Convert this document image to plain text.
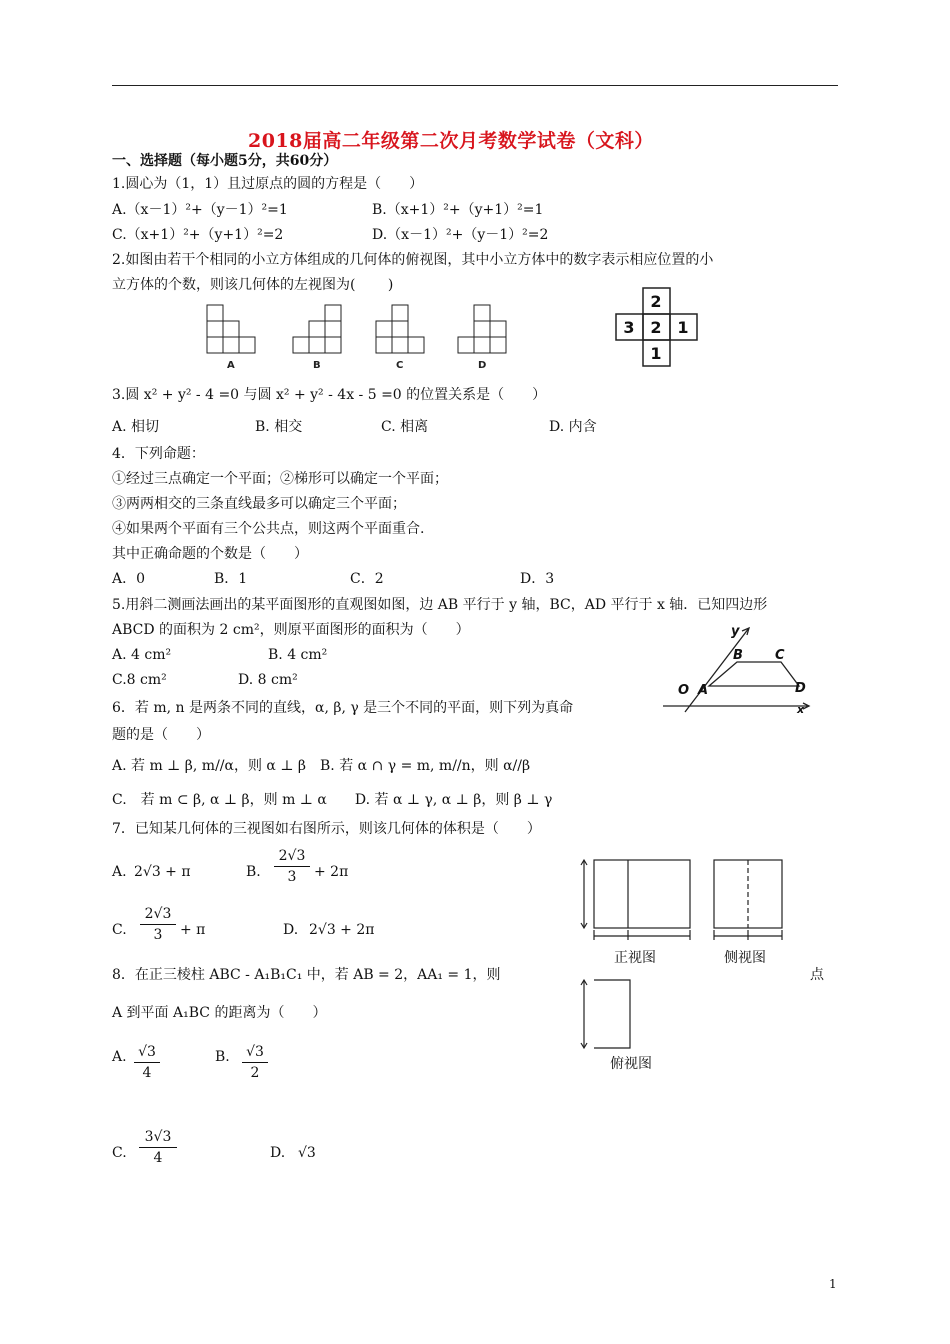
2018届高二年级第二次月考数学试卷（文科）
一、选择题（每小题5分，共60分）
1.圆心为（1，1）且过原点的圆的方程是（　　）
A.（x－1）²+（y－1）²=1	B.（x+1）²+（y+1）²=1
C.（x+1）²+（y+1）²=2	D.（x－1）²+（y－1）²=2
2.如图由若干个相同的小立方体组成的几何体的俯视图，其中小立方体中的数字表示相应位置的小
立方体的个数，则该几何体的左视图为(　　 )
A	B	C	D
2
3 2 1
1
3.圆 x² + y² - 4 =0 与圆 x² + y² - 4x - 5 =0 的位置关系是（　　）
A. 相切	B. 相交	C. 相离	D. 内含
4．下列命题：
①经过三点确定一个平面；②梯形可以确定一个平面；
③两两相交的三条直线最多可以确定三个平面；
④如果两个平面有三个公共点，则这两个平面重合.
其中正确命题的个数是（　　）
A．0	B．1	C．2	D．3
5.用斜二测画法画出的某平面图形的直观图如图，边 AB 平行于 y 轴，BC，AD 平行于 x 轴．已知四边形
ABCD 的面积为 2 cm²，则原平面图形的面积为（　　）
A. 4 cm²	B. 4 cm²
C.8 cm²	D. 8 cm²
y
B C
O A	D
x
6．若 m, n 是两条不同的直线，α, β, γ 是三个不同的平面，则下列为真命
题的是（　　）
A. 若 m ⊥ β, m//α，则 α ⊥ β　B. 若 α ∩ γ = m, m//n，则 α//β
C.　若 m ⊂ β, α ⊥ β，则 m ⊥ α　　D. 若 α ⊥ γ, α ⊥ β，则 β ⊥ γ
7．已知某几何体的三视图如右图所示，则该几何体的体积是（　　）
A. 2√3 + π	B.
2√3
3	+ 2π
C.
2√3
3	+ π	D. 2√3 + 2π
正视图	侧视图
俯视图
8．在正三棱柱 ABC - A₁B₁C₁ 中，若 AB = 2，AA₁ = 1，则	点
A 到平面 A₁BC 的距离为（　　）
A. √3
4
B. √3
2
C.
3√3
4	D. √3
1
